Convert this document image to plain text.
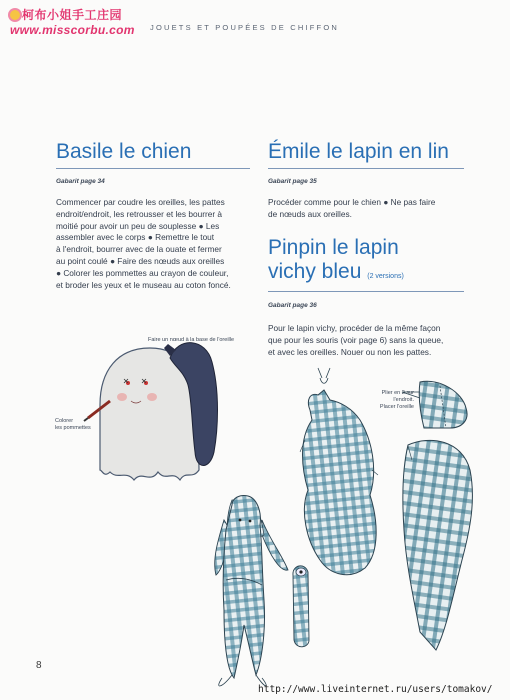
柯布小姐手工庄园
www.misscorbu.com JOUETS ET POUPÉES DE CHIFFON
Basile le chien
Gabarit page 34
Commencer par coudre les oreilles, les pattes
endroit/endroit, les retrousser et les bourrer à
moitié pour avoir un peu de souplesse ● Les
assembler avec le corps ● Remettre le tout
à l'endroit, bourrer avec de la ouate et fermer
au point coulé ● Faire des nœuds aux oreilles
● Colorer les pommettes au crayon de couleur,
et broder les yeux et le museau au coton foncé.
Émile le lapin en lin
Gabarit page 35
Procéder comme pour le chien ● Ne pas faire
de nœuds aux oreilles.
Pinpin le lapin
vichy bleu (2 versions)
Gabarit page 36
Pour le lapin vichy, procéder de la même façon
que pour les souris (voir page 6) sans la queue,
et avec les oreilles. Nouer ou non les pattes.
Faire un nœud à la base de l'oreille
Colorer
les pommettes
Plier en 2 sur
l'endroit.
Placer l'oreille
8
http://www.liveinternet.ru/users/tomakov/
